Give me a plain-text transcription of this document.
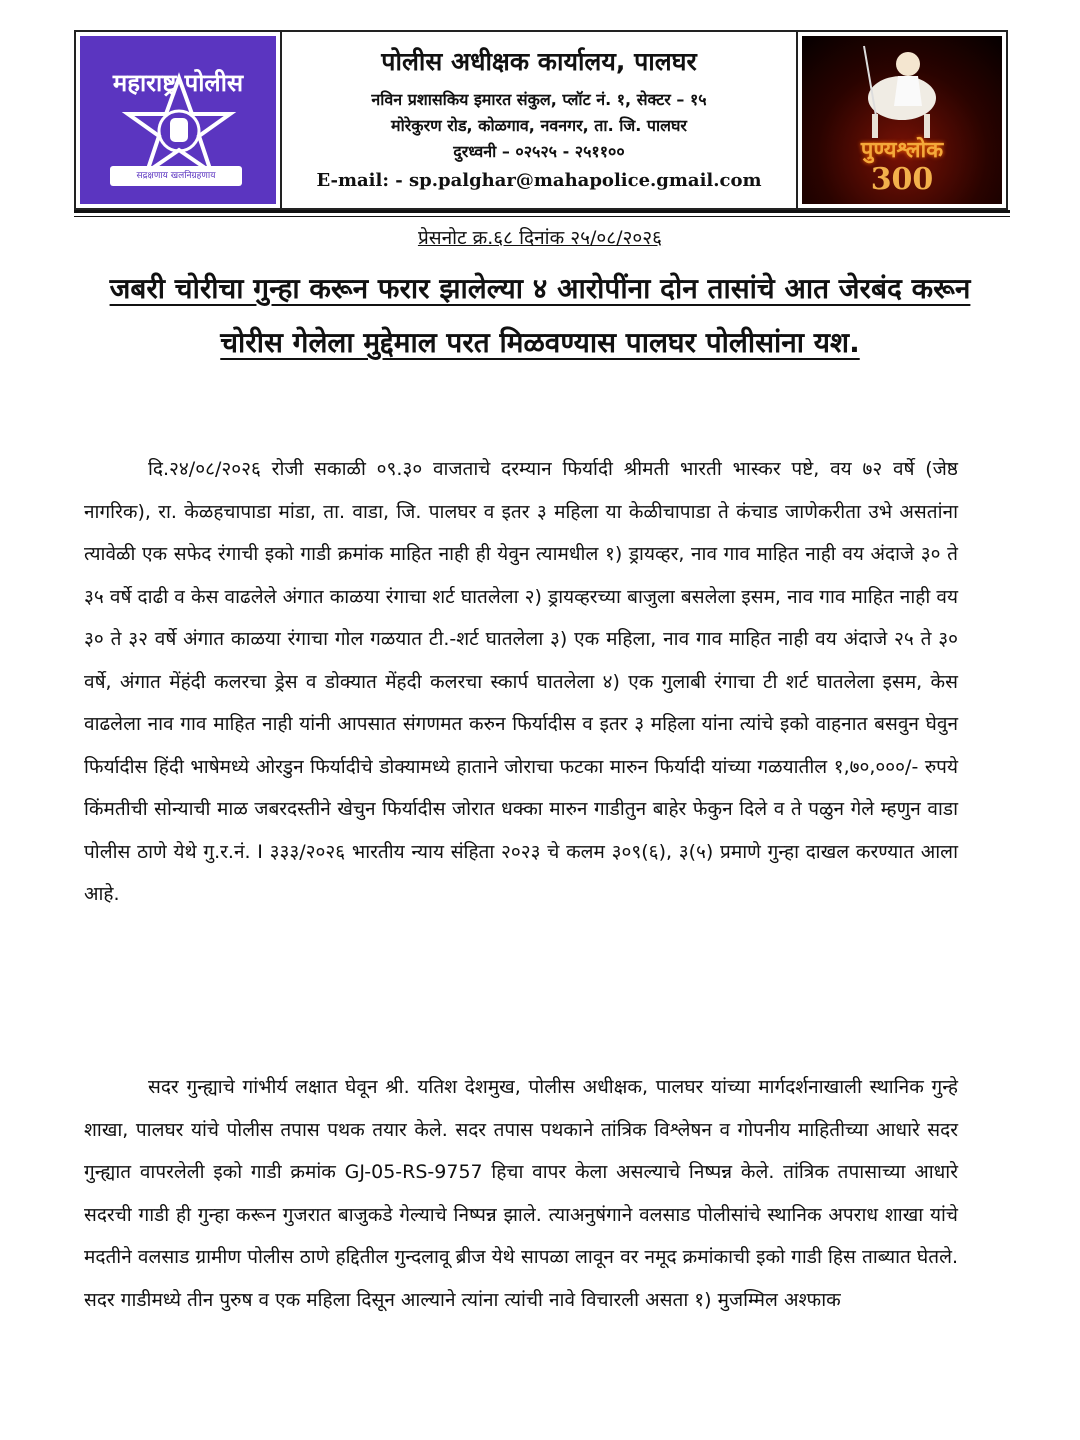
महाराष्ट्र पोलीस
सद्रक्षणाय खलनिग्रहणाय
पोलीस अधीक्षक कार्यालय, पालघर
नविन प्रशासकिय इमारत संकुल, प्लॉट नं. १, सेक्टर – १५
मोरेकुरण रोड, कोळगाव, नवनगर, ता. जि. पालघर
दुरध्वनी – ०२५२५ - २५११००
E-mail: - sp.palghar@mahapolice.gmail.com
पुण्यश्लोक
300
प्रेसनोट क्र.६८ दिनांक २५/०८/२०२६
जबरी चोरीचा गुन्हा करून फरार झालेल्या ४ आरोपींना दोन तासांचे आत जेरबंद करून चोरीस गेलेला मुद्देमाल परत मिळवण्यास पालघर पोलीसांना यश.

दि.२४/०८/२०२६ रोजी सकाळी ०९.३० वाजताचे दरम्यान फिर्यादी श्रीमती भारती भास्कर पष्टे, वय ७२ वर्षे (जेष्ठ नागरिक), रा. केळहचापाडा मांडा, ता. वाडा, जि. पालघर व इतर ३ महिला या केळीचापाडा ते कंचाड जाणेकरीता उभे असतांना त्यावेळी एक सफेद रंगाची इको गाडी क्रमांक माहित नाही ही येवुन त्यामधील १) ड्रायव्हर, नाव गाव माहित नाही वय अंदाजे ३० ते ३५ वर्षे दाढी व केस वाढलेले अंगात काळया रंगाचा शर्ट घातलेला २) ड्रायव्हरच्या बाजुला बसलेला इसम, नाव गाव माहित नाही वय ३० ते ३२ वर्षे अंगात काळया रंगाचा गोल गळयात टी.-शर्ट घातलेला ३) एक महिला, नाव गाव माहित नाही वय अंदाजे २५ ते ३० वर्षे, अंगात मेंहंदी कलरचा ड्रेस व डोक्यात मेंहदी कलरचा स्कार्प घातलेला ४) एक गुलाबी रंगाचा टी शर्ट घातलेला इसम, केस वाढलेला नाव गाव माहित नाही यांनी आपसात संगणमत करुन फिर्यादीस व इतर ३ महिला यांना त्यांचे इको वाहनात बसवुन घेवुन फिर्यादीस हिंदी भाषेमध्ये ओरडुन फिर्यादीचे डोक्यामध्ये हाताने जोराचा फटका मारुन फिर्यादी यांच्या गळयातील १,७०,०००/- रुपये किंमतीची सोन्याची माळ जबरदस्तीने खेचुन फिर्यादीस जोरात धक्का मारुन गाडीतुन बाहेर फेकुन दिले व ते पळुन गेले म्हणुन वाडा पोलीस ठाणे येथे गु.र.नं. I ३३३/२०२६ भारतीय न्याय संहिता २०२३ चे कलम ३०९(६), ३(५) प्रमाणे गुन्हा दाखल करण्यात आला आहे.

सदर गुन्ह्याचे गांभीर्य लक्षात घेवून श्री. यतिश देशमुख, पोलीस अधीक्षक, पालघर यांच्या मार्गदर्शनाखाली स्थानिक गुन्हे शाखा, पालघर यांचे पोलीस तपास पथक तयार केले. सदर तपास पथकाने तांत्रिक विश्लेषन व गोपनीय माहितीच्या आधारे सदर गुन्ह्यात वापरलेली इको गाडी क्रमांक GJ-05-RS-9757 हिचा वापर केला असल्याचे निष्पन्न केले. तांत्रिक तपासाच्या आधारे सदरची गाडी ही गुन्हा करून गुजरात बाजुकडे गेल्याचे निष्पन्न झाले. त्याअनुषंगाने वलसाड पोलीसांचे स्थानिक अपराध शाखा यांचे मदतीने वलसाड ग्रामीण पोलीस ठाणे हद्दितील गुन्दलावू ब्रीज येथे सापळा लावून वर नमूद क्रमांकाची इको गाडी हिस ताब्यात घेतले. सदर गाडीमध्ये तीन पुरुष व एक महिला दिसून आल्याने त्यांना त्यांची नावे विचारली असता १) मुजम्मिल अश्फाक
